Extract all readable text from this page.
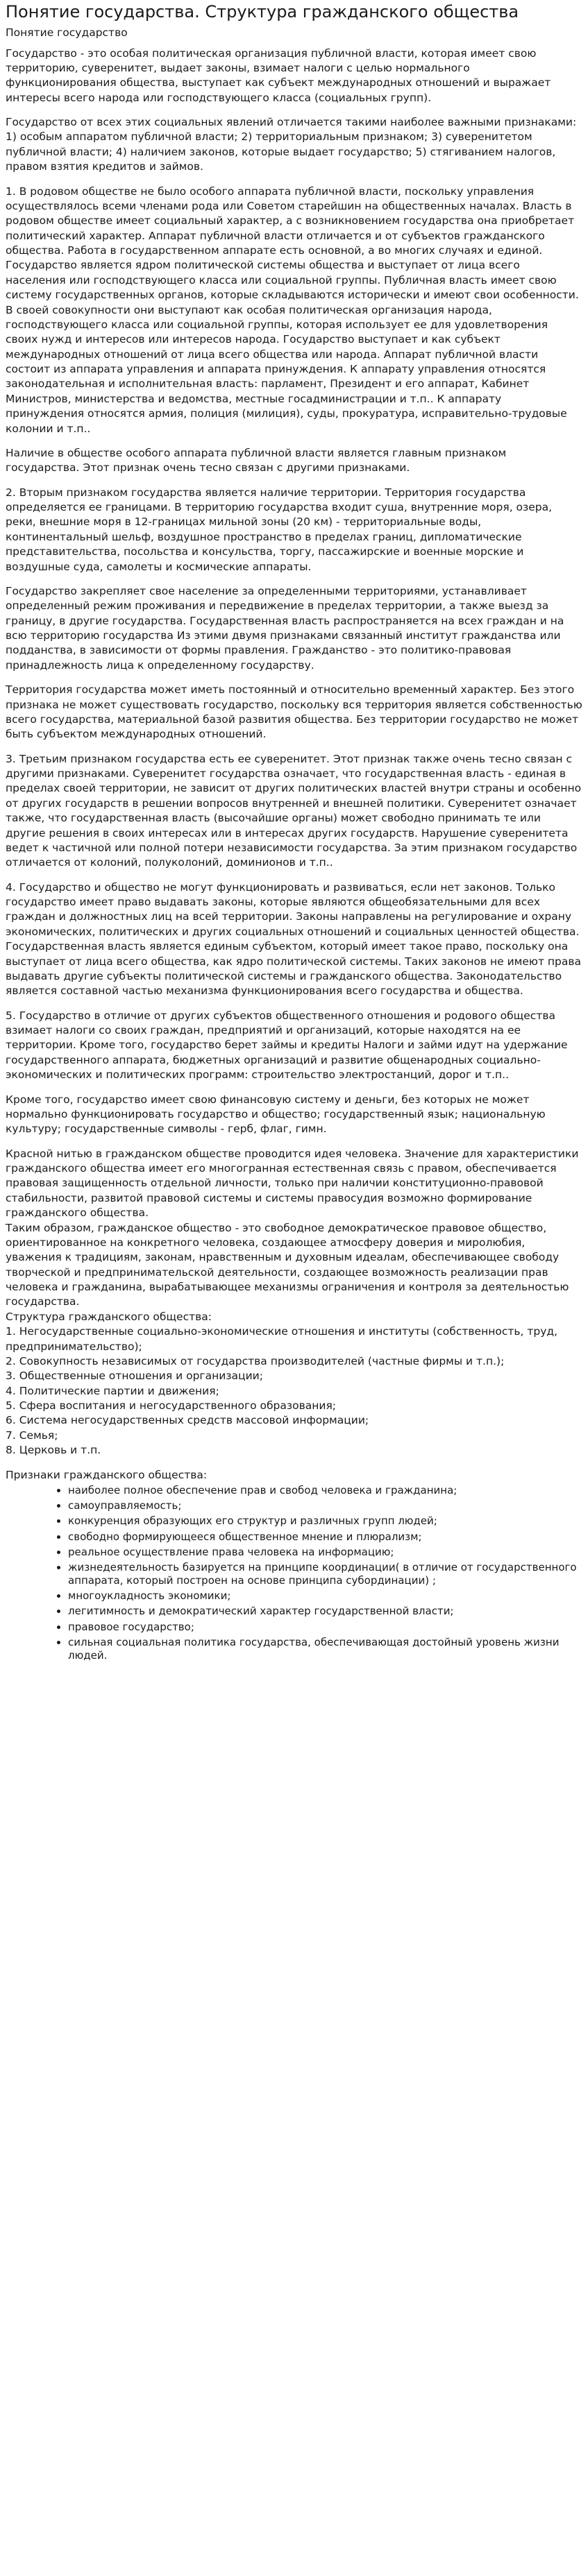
Понятие государства. Структура гражданского общества
Понятие государство

Государство - это особая политическая организация публичной власти, которая имеет свою территорию, суверенитет, выдает законы, взимает налоги с целью нормального функционирования общества, выступает как субъект международных отношений и выражает интересы всего народа или господствующего класса (социальных групп).

Государство от всех этих социальных явлений отличается такими наиболее важными признаками: 1) особым аппаратом публичной власти; 2) территориальным признаком; 3) суверенитетом публичной власти; 4) наличием законов, которые выдает государство; 5) стягиванием налогов, правом взятия кредитов и займов.

1. В родовом обществе не было особого аппарата публичной власти, поскольку управления осуществлялось всеми членами рода или Советом старейшин на общественных началах. Власть в родовом обществе имеет социальный характер, а с возникновением государства она приобретает политический характер. Аппарат публичной власти отличается и от субъектов гражданского общества. Работа в государственном аппарате есть основной, а во многих случаях и единой. Государство является ядром политической системы общества и выступает от лица всего населения или господствующего класса или социальной группы. Публичная власть имеет свою систему государственных органов, которые складываются исторически и имеют свои особенности. В своей совокупности они выступают как особая политическая организация народа, господствующего класса или социальной группы, которая использует ее для удовлетворения своих нужд и интересов или интересов народа. Государство выступает и как субъект международных отношений от лица всего общества или народа. Аппарат публичной власти состоит из аппарата управления и аппарата принуждения. К аппарату управления относятся законодательная и исполнительная власть: парламент, Президент и его аппарат, Кабинет Министров, министерства и ведомства, местные госадминистрации и т.п.. К аппарату принуждения относятся армия, полиция (милиция), суды, прокуратура, исправительно-трудовые колонии и т.п..

Наличие в обществе особого аппарата публичной власти является главным признаком государства. Этот признак очень тесно связан с другими признаками.

2. Вторым признаком государства является наличие территории. Территория государства определяется ее границами. В территорию государства входит суша, внутренние моря, озера, реки, внешние моря в 12-границах мильной зоны (20 км) - территориальные воды, континентальный шельф, воздушное пространство в пределах границ, дипломатические представительства, посольства и консульства, торгу, пассажирские и военные морские и воздушные суда, самолеты и космические аппараты.

Государство закрепляет свое население за определенными территориями, устанавливает определенный режим проживания и передвижение в пределах территории, а также выезд за границу, в другие государства. Государственная власть распространяется на всех граждан и на всю территорию государства Из этими двумя признаками связанный институт гражданства или подданства, в зависимости от формы правления. Гражданство - это политико-правовая принадлежность лица к определенному государству.

Территория государства может иметь постоянный и относительно временный характер. Без этого признака не может существовать государство, поскольку вся территория является собственностью всего государства, материальной базой развития общества. Без территории государство не может быть субъектом международных отношений.

3. Третьим признаком государства есть ее суверенитет. Этот признак также очень тесно связан с другими признаками. Суверенитет государства означает, что государственная власть - единая в пределах своей территории, не зависит от других политических властей внутри страны и особенно от других государств в решении вопросов внутренней и внешней политики. Суверенитет означает также, что государственная власть (высочайшие органы) может свободно принимать те или другие решения в своих интересах или в интересах других государств. Нарушение суверенитета ведет к частичной или полной потери независимости государства. За этим признаком государство отличается от колоний, полуколоний, доминионов и т.п..

4. Государство и общество не могут функционировать и развиваться, если нет законов. Только государство имеет право выдавать законы, которые являются общеобязательными для всех граждан и должностных лиц на всей территории. Законы направлены на регулирование и охрану экономических, политических и других социальных отношений и социальных ценностей общества. Государственная власть является единым субъектом, который имеет такое право, поскольку она выступает от лица всего общества, как ядро политической системы. Таких законов не имеют права выдавать другие субъекты политической системы и гражданского общества. Законодательство является составной частью механизма функционирования всего государства и общества.

5. Государство в отличие от других субъектов общественного отношения и родового общества взимает налоги со своих граждан, предприятий и организаций, которые находятся на ее территории. Кроме того, государство берет займы и кредиты Налоги и займи идут на удержание государственного аппарата, бюджетных организаций и развитие общенародных социально-экономических и политических программ: строительство электростанций, дорог и т.п..

Кроме того, государство имеет свою финансовую систему и деньги, без которых не может нормально функционировать государство и общество; государственный язык; национальную культуру; государственные символы - герб, флаг, гимн.

Красной нитью в гражданском обществе проводится идея человека. Значение для характеристики гражданского общества имеет его многогранная естественная связь с правом, обеспечивается правовая защищенность отдельной личности, только при наличии конституционно-правовой стабильности, развитой правовой системы и системы правосудия возможно формирование гражданского общества.
Таким образом, гражданское общество - это свободное демократическое правовое общество, ориентированное на конкретного человека, создающее атмосферу доверия и миролюбия, уважения к традициям, законам, нравственным и духовным идеалам, обеспечивающее свободу творческой и предпринимательской деятельности, создающее возможность реализации прав человека и гражданина, вырабатывающее механизмы ограничения и контроля за деятельностью государства.
Структура гражданского общества:
1. Негосударственные социально-экономические отношения и институты (собственность, труд, предпринимательство);
2. Совокупность независимых от государства производителей (частные фирмы и т.п.);
3. Общественные отношения и организации;
4. Политические партии и движения;
5. Сфера воспитания и негосударственного образования;
6. Система негосударственных средств массовой информации;
7. Семья;
8. Церковь и т.п.
Признаки гражданского общества:
• наиболее полное обеспечение прав и свобод человека и гражданина;
• самоуправляемость;
• конкуренция образующих его структур и различных групп людей;
• свободно формирующееся общественное мнение и плюрализм;
• реальное осуществление права человека на информацию;
• жизнедеятельность базируется на принципе координации( в отличие от государственного аппарата, который построен на основе принципа субординации) ;
• многоукладность экономики;
• легитимность и демократический характер государственной власти;
• правовое государство;
• сильная социальная политика государства, обеспечивающая достойный уровень жизни людей.
